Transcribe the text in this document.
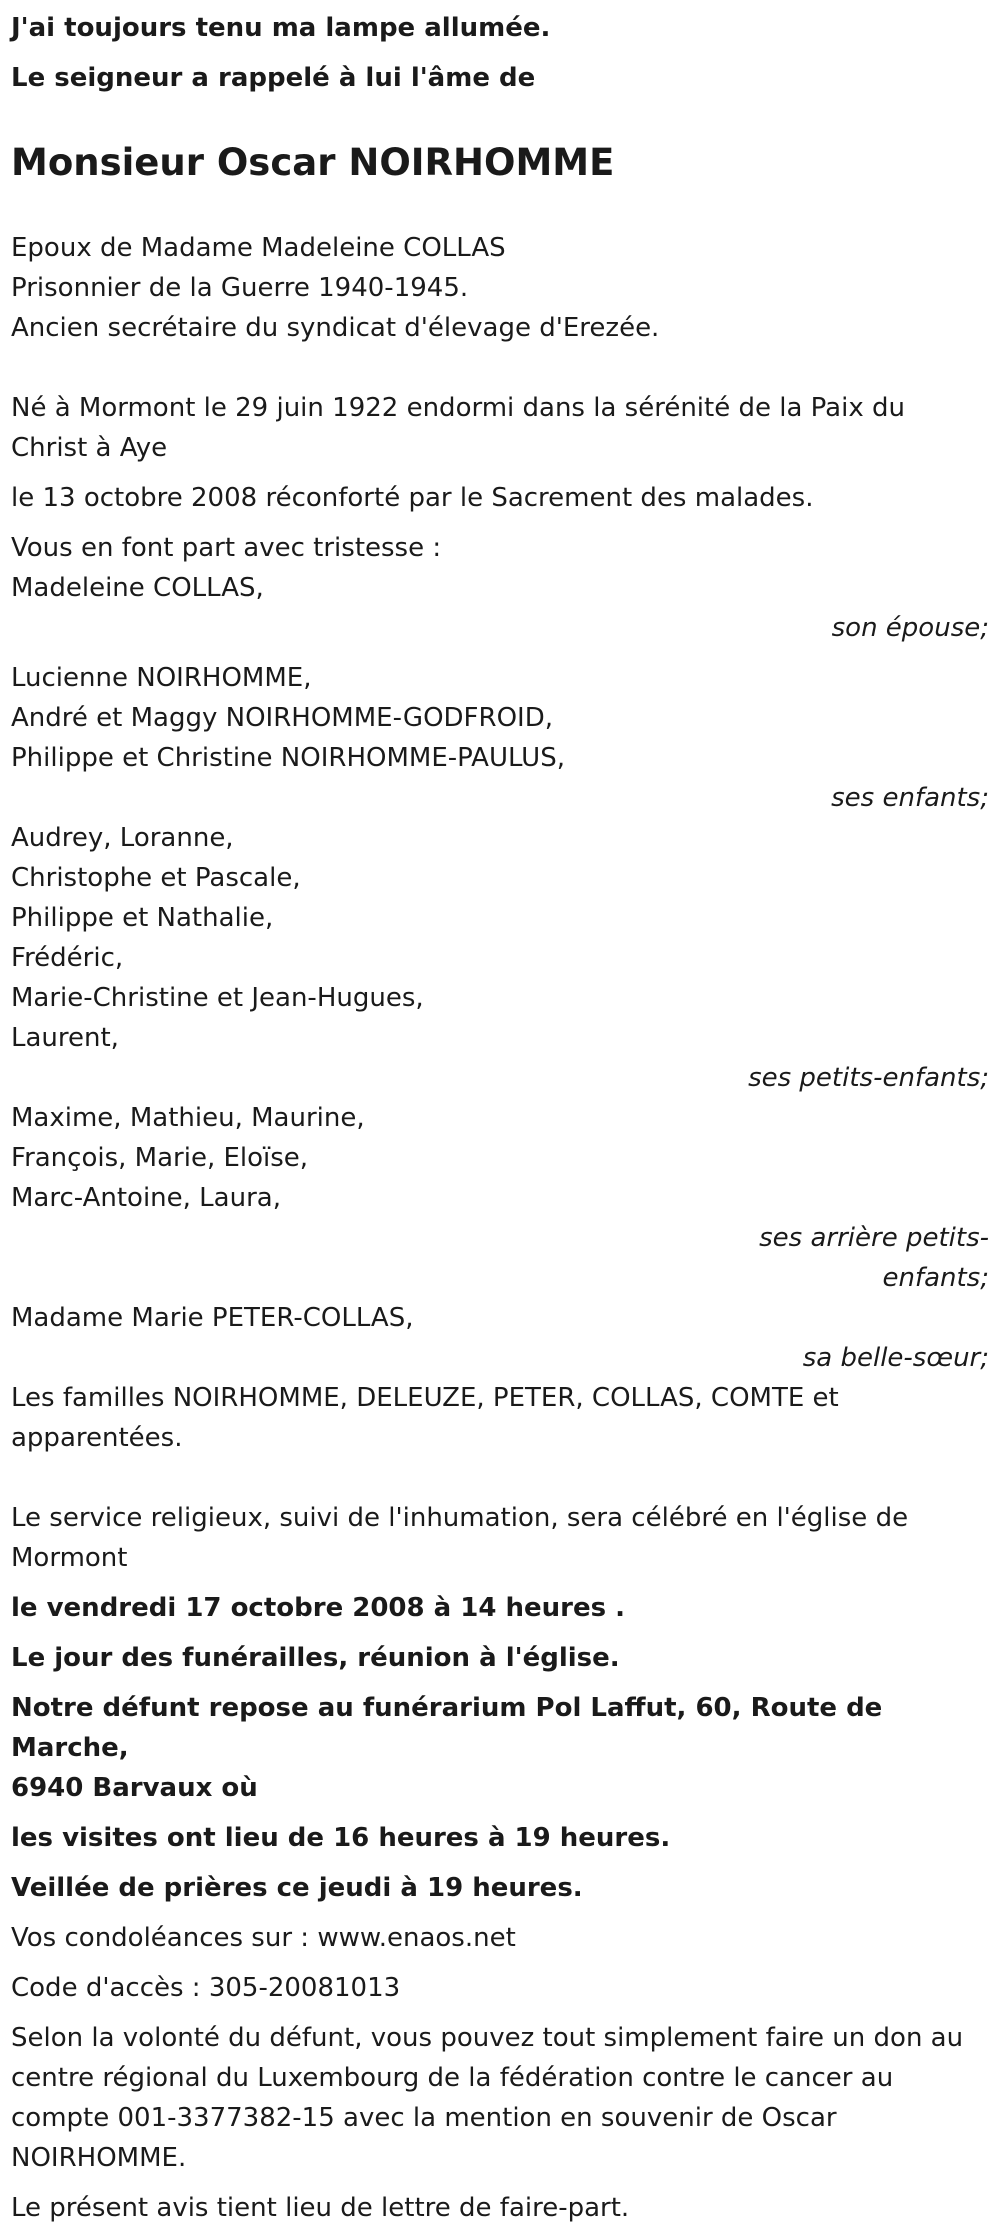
J'ai toujours tenu ma lampe allumée.

Le seigneur a rappelé à lui l'âme de

Monsieur Oscar NOIRHOMME

Epoux de Madame Madeleine COLLAS

Prisonnier de la Guerre 1940-1945.

Ancien secrétaire du syndicat d'élevage d'Erezée.

Né à Mormont le 29 juin 1922 endormi dans la sérénité de la Paix du

Christ à Aye

le 13 octobre 2008 réconforté par le Sacrement des malades.

Vous en font part avec tristesse :

Madeleine COLLAS,

son épouse;

Lucienne NOIRHOMME,

André et Maggy NOIRHOMME-GODFROID,

Philippe et Christine NOIRHOMME-PAULUS,

ses enfants;

Audrey, Loranne,

Christophe et Pascale,

Philippe et Nathalie,

Frédéric,

Marie-Christine et Jean-Hugues,

Laurent,

ses petits-enfants;

Maxime, Mathieu, Maurine,

François, Marie, Eloïse,

Marc-Antoine, Laura,

ses arrière petits-

enfants;

Madame Marie PETER-COLLAS,

sa belle-sœur;

Les familles NOIRHOMME, DELEUZE, PETER, COLLAS, COMTE et

apparentées.

Le service religieux, suivi de l'inhumation, sera célébré en l'église de

Mormont

le vendredi 17 octobre 2008 à 14 heures .

Le jour des funérailles, réunion à l'église.

Notre défunt repose au funérarium Pol Laffut, 60, Route de Marche,

6940 Barvaux où

les visites ont lieu de 16 heures à 19 heures.

Veillée de prières ce jeudi à 19 heures.

Vos condoléances sur : www.enaos.net

Code d'accès : 305-20081013

Selon la volonté du défunt, vous pouvez tout simplement faire un don au

centre régional du Luxembourg de la fédération contre le cancer au

compte 001-3377382-15 avec la mention en souvenir de Oscar

NOIRHOMME.

Le présent avis tient lieu de lettre de faire-part.
